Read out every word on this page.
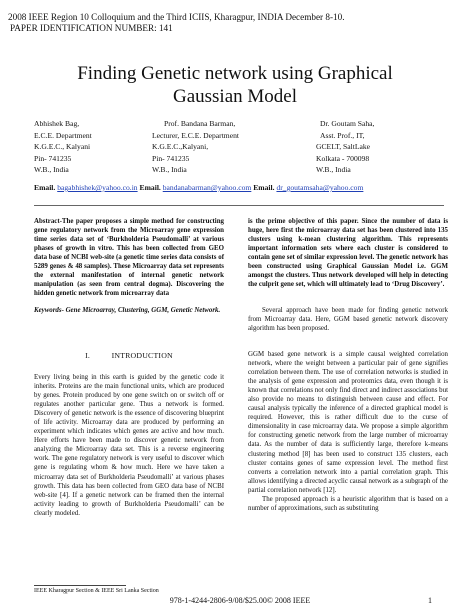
2008 IEEE Region 10 Colloquium and the Third ICIIS, Kharagpur, INDIA December 8-10.
PAPER IDENTIFICATION NUMBER: 141
Finding Genetic network using Graphical
Gaussian Model
Abhishek Bag,
E.C.E. Department
K.G.E.C., Kalyani
Pin- 741235
W.B., India
Prof. Bandana Barman,
Lecturer, E.C.E. Department
K.G.E.C.,Kalyani,
Pin- 741235
W.B., India
Dr. Goutam Saha,
Asst. Prof., IT,
GCELT, SaltLake
Kolkata - 700098
W.B., India
Email. bagabhishek@yahoo.co.in Email. bandanabarman@yahoo.com Email. dr_goutamsaha@yahoo.com
Abstract-The paper proposes a simple method for constructing gene regulatory network from the Microarray gene expression time series data set of ‘Burkholderia Pseudomalli’ at various phases of growth in vitro. This has been collected from GEO data base of NCBI web-site (a genetic time series data consists of 5289 genes & 48 samples). These Microarray data set represents the external manifestation of internal genetic network manipulation (as seen from central dogma). Discovering the hidden genetic network from microarray data
is the prime objective of this paper. Since the number of data is huge, here first the microarray data set has been clustered into 135 clusters using k-mean clustering algorithm. This represents important information sets where each cluster is considered to contain gene set of similar expression level. The genetic network has been constructed using Graphical Gaussian Model i.e. GGM amongst the clusters. Thus network developed will help in detecting the culprit gene set, which will ultimately lead to ‘Drug Discovery’.
Keywords- Gene Microarray, Clustering, GGM, Genetic Network.	Several approach have been made for finding genetic network from Microarray data. Here, GGM based genetic network discovery algorithm has been proposed.
I.          INTRODUCTION
Every living being in this earth is guided by the genetic code it inherits. Proteins are the main functional units, which are produced by genes. Protein produced by one gene switch on or switch off or regulates another particular gene. Thus a network is formed. Discovery of genetic network is the essence of discovering blueprint of life activity. Microarray data are produced by performing an experiment which indicates which genes are active and how much. Here efforts have been made to discover genetic network from analyzing the Microarray data set. This is a reverse engineering work. The gene regulatory network is very useful to discover which gene is regulating whom & how much. Here we have taken a microarray data set of Burkholderia Pseudomalli’ at various phases growth. This data has been collected from GEO data base of NCBI web-site [4]. If a genetic network can be framed then the internal activity leading to growth of Burkholderia Pseudomalli’ can be clearly modeled.
GGM based gene network is a simple causal weighted correlation network, where the weight between a particular pair of gene signifies correlation between them. The use of correlation networks is studied in the analysis of gene expression and proteomics data, even though it is known that correlations not only find direct and indirect associations but also provide no means to distinguish between cause and effect. For causal analysis typically the inference of a directed graphical model is required. However, this is rather difficult due to the curse of dimensionality in case microarray data. We propose a simple algorithm for constructing genetic network from the large number of microarray data. As the number of data is sufficiently large, therefore k-means clustering method [8] has been used to construct 135 clusters, each cluster contains genes of same expression level. The method first converts a correlation network into a partial correlation graph. This allows identifying a directed acyclic causal network as a subgraph of the partial correlation network [12].
The proposed approach is a heuristic algorithm that is based on a number of approximations, such as substituting
IEEE Kharagpur Section & IEEE Sri Lanka Section
978-1-4244-2806-9/08/$25.00© 2008 IEEE	1
